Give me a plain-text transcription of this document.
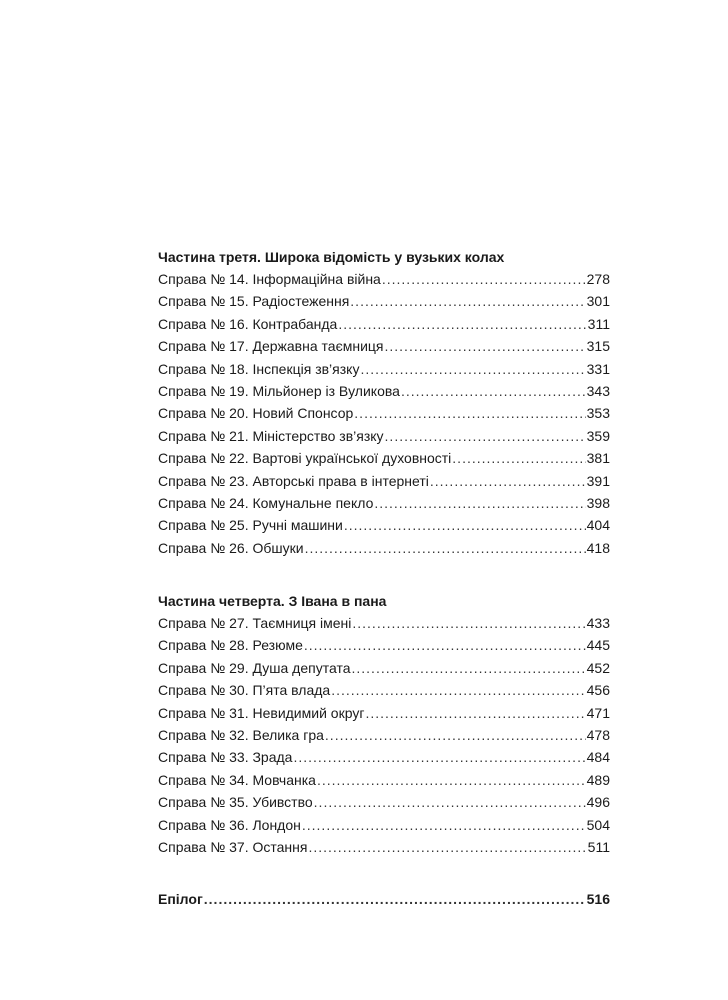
Частина третя. Широка відомість у вузьких колах
Справа № 14. Інформаційна війна .....	278
Справа № 15. Радіостеження .....	301
Справа № 16. Контрабанда .....	311
Справа № 17. Державна таємниця .....	315
Справа № 18. Інспекція зв’язку .....	331
Справа № 19. Мільйонер із Вуликова .....	343
Справа № 20. Новий Спонсор .....	353
Справа № 21. Міністерство зв’язку .....	359
Справа № 22. Вартові української духовності .....	381
Справа № 23. Авторські права в інтернеті .....	391
Справа № 24. Комунальне пекло .....	398
Справа № 25. Ручні машини .....	404
Справа № 26. Обшуки .....	418
Частина четверта. З Івана в пана
Справа № 27. Таємниця імені .....	433
Справа № 28. Резюме .....	445
Справа № 29. Душа депутата .....	452
Справа № 30. П’ята влада .....	456
Справа № 31. Невидимий округ .....	471
Справа № 32. Велика гра .....	478
Справа № 33. Зрада .....	484
Справа № 34. Мовчанка .....	489
Справа № 35. Убивство .....	496
Справа № 36. Лондон .....	504
Справа № 37. Остання .....	511
Епілог .....	516
